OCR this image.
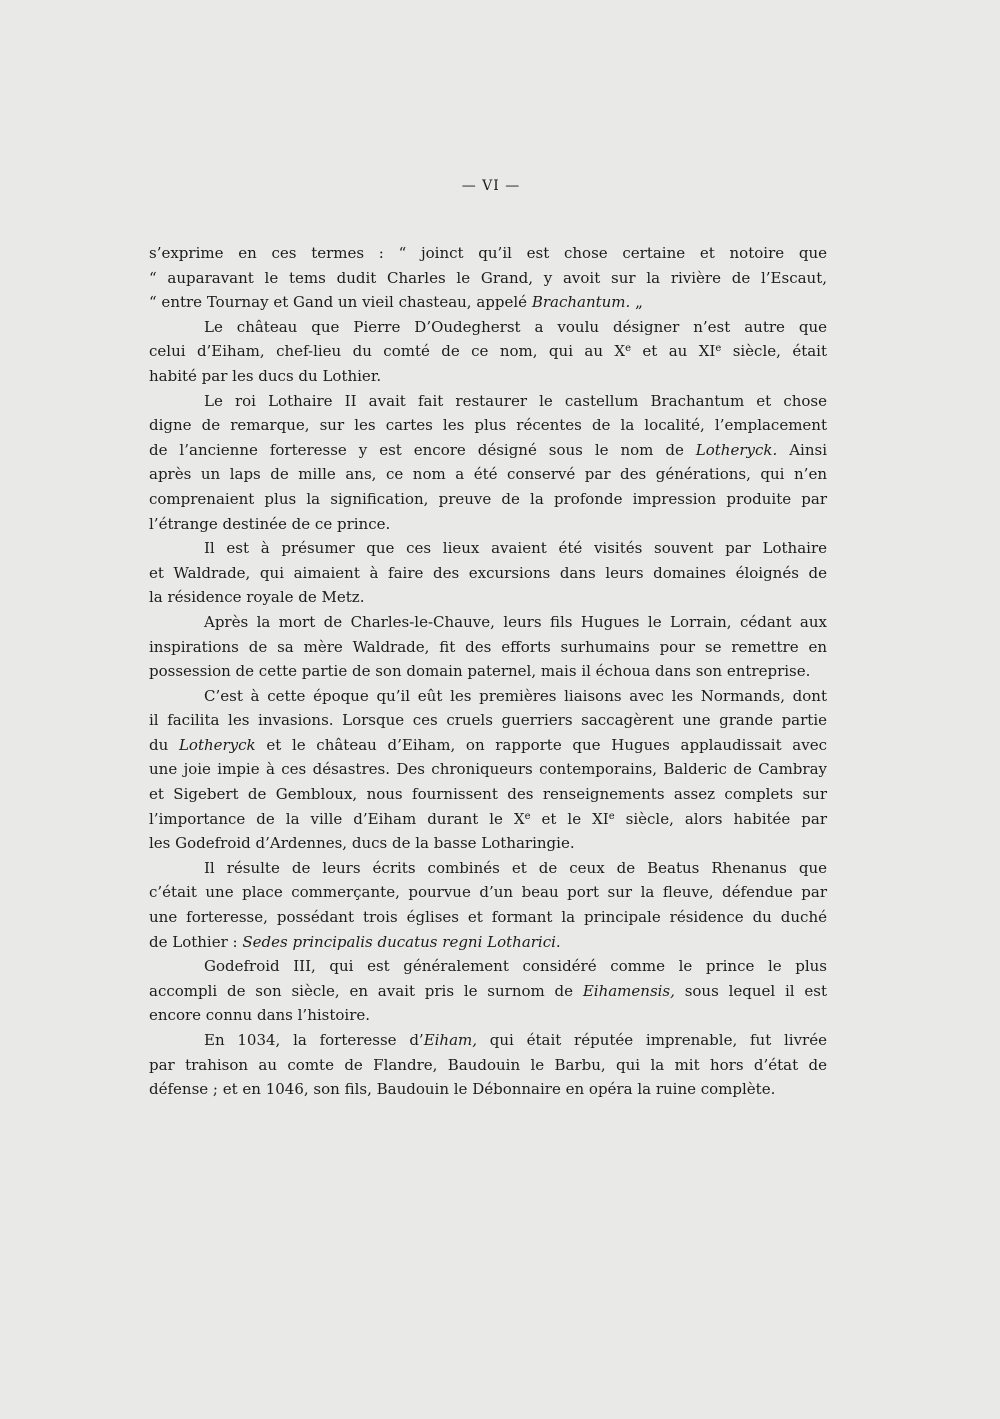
— VI —
s’exprime en ces termes : “ joinct qu’il est chose certaine et notoire que
“ auparavant le tems dudit Charles le Grand, y avoit sur la rivière de l’Escaut,
“ entre Tournay et Gand un vieil chasteau, appelé Brachantum. „
Le château que Pierre D’Oudegherst a voulu désigner n’est autre que
celui d’Eiham, chef-lieu du comté de ce nom, qui au Xe et au XIe siècle, était
habité par les ducs du Lothier.
Le roi Lothaire II avait fait restaurer le castellum Brachantum et chose
digne de remarque, sur les cartes les plus récentes de la localité, l’emplacement
de l’ancienne forteresse y est encore désigné sous le nom de Lotheryck. Ainsi
après un laps de mille ans, ce nom a été conservé par des générations, qui n’en
comprenaient plus la signification, preuve de la profonde impression produite par
l’étrange destinée de ce prince.
Il est à présumer que ces lieux avaient été visités souvent par Lothaire
et Waldrade, qui aimaient à faire des excursions dans leurs domaines éloignés de
la résidence royale de Metz.
Après la mort de Charles-le-Chauve, leurs fils Hugues le Lorrain, cédant aux
inspirations de sa mère Waldrade, fit des efforts surhumains pour se remettre en
possession de cette partie de son domain paternel, mais il échoua dans son entreprise.
C’est à cette époque qu’il eût les premières liaisons avec les Normands, dont
il facilita les invasions. Lorsque ces cruels guerriers saccagèrent une grande partie
du Lotheryck et le château d’Eiham, on rapporte que Hugues applaudissait avec
une joie impie à ces désastres. Des chroniqueurs contemporains, Balderic de Cambray
et Sigebert de Gembloux, nous fournissent des renseignements assez complets sur
l’importance de la ville d’Eiham durant le Xe et le XIe siècle, alors habitée par
les Godefroid d’Ardennes, ducs de la basse Lotharingie.
Il résulte de leurs écrits combinés et de ceux de Beatus Rhenanus que
c’était une place commerçante, pourvue d’un beau port sur la fleuve, défendue par
une forteresse, possédant trois églises et formant la principale résidence du duché
de Lothier : Sedes principalis ducatus regni Lotharici.
Godefroid III, qui est généralement considéré comme le prince le plus
accompli de son siècle, en avait pris le surnom de Eihamensis, sous lequel il est
encore connu dans l’histoire.
En 1034, la forteresse d’Eiham, qui était réputée imprenable, fut livrée
par trahison au comte de Flandre, Baudouin le Barbu, qui la mit hors d’état de
défense ; et en 1046, son fils, Baudouin le Débonnaire en opéra la ruine complète.
